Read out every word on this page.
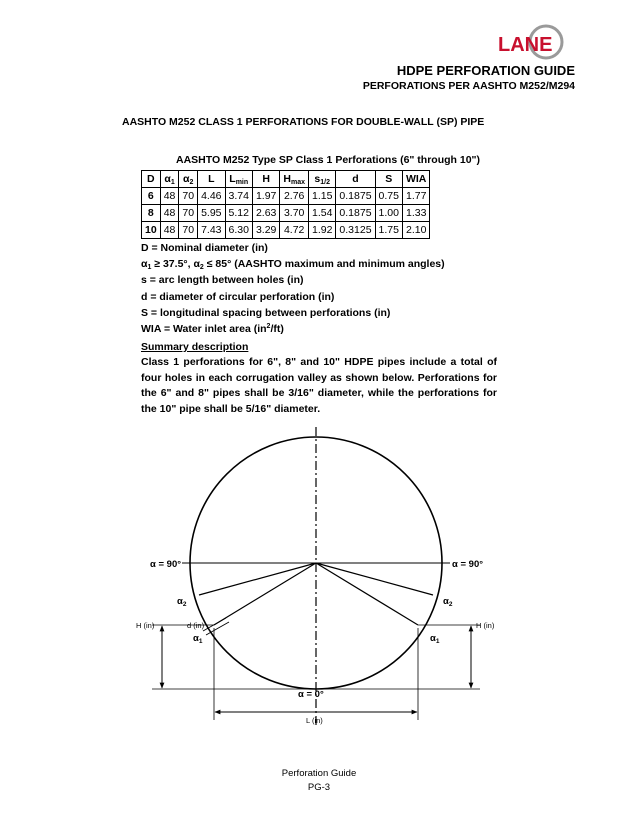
LANE
HDPE PERFORATION GUIDE
PERFORATIONS PER AASHTO M252/M294
AASHTO M252 CLASS 1 PERFORATIONS FOR DOUBLE-WALL (SP) PIPE
AASHTO M252 Type SP Class 1 Perforations (6" through 10")
D	$\alpha_1$	$\alpha_2$	L	$L_{min}$	H	$H_{max}$	$s_{1/2}$	d	S	WIA
6	48	70	4.46	3.74	1.97	2.76	1.15	0.1875	0.75	1.77
8	48	70	5.95	5.12	2.63	3.70	1.54	0.1875	1.00	1.33
10	48	70	7.43	6.30	3.29	4.72	1.92	0.3125	1.75	2.10
D = Nominal diameter (in)
$\alpha_1 \ge 37.5^\circ$, $\alpha_2 \le 85^\circ$ (AASHTO maximum and minimum angles)
s = arc length between holes (in)
d = diameter of circular perforation (in)
S = longitudinal spacing between perforations (in)
WIA = Water inlet area $(in^2/ft)$
Summary description
Class 1 perforations for 6", 8" and 10" HDPE pipes include a total of four holes in each corrugation valley as shown below. Perforations for the 6" and 8" pipes shall be 3/16" diameter, while the perforations for the 10" pipe shall be 5/16" diameter.
α = 90°	α = 90°
$\alpha_2$	$\alpha_2$
$\alpha_1$	$\alpha_1$
H (in)	H (in)
d (in)
α = 0°
L (in)
Perforation Guide
PG-3
